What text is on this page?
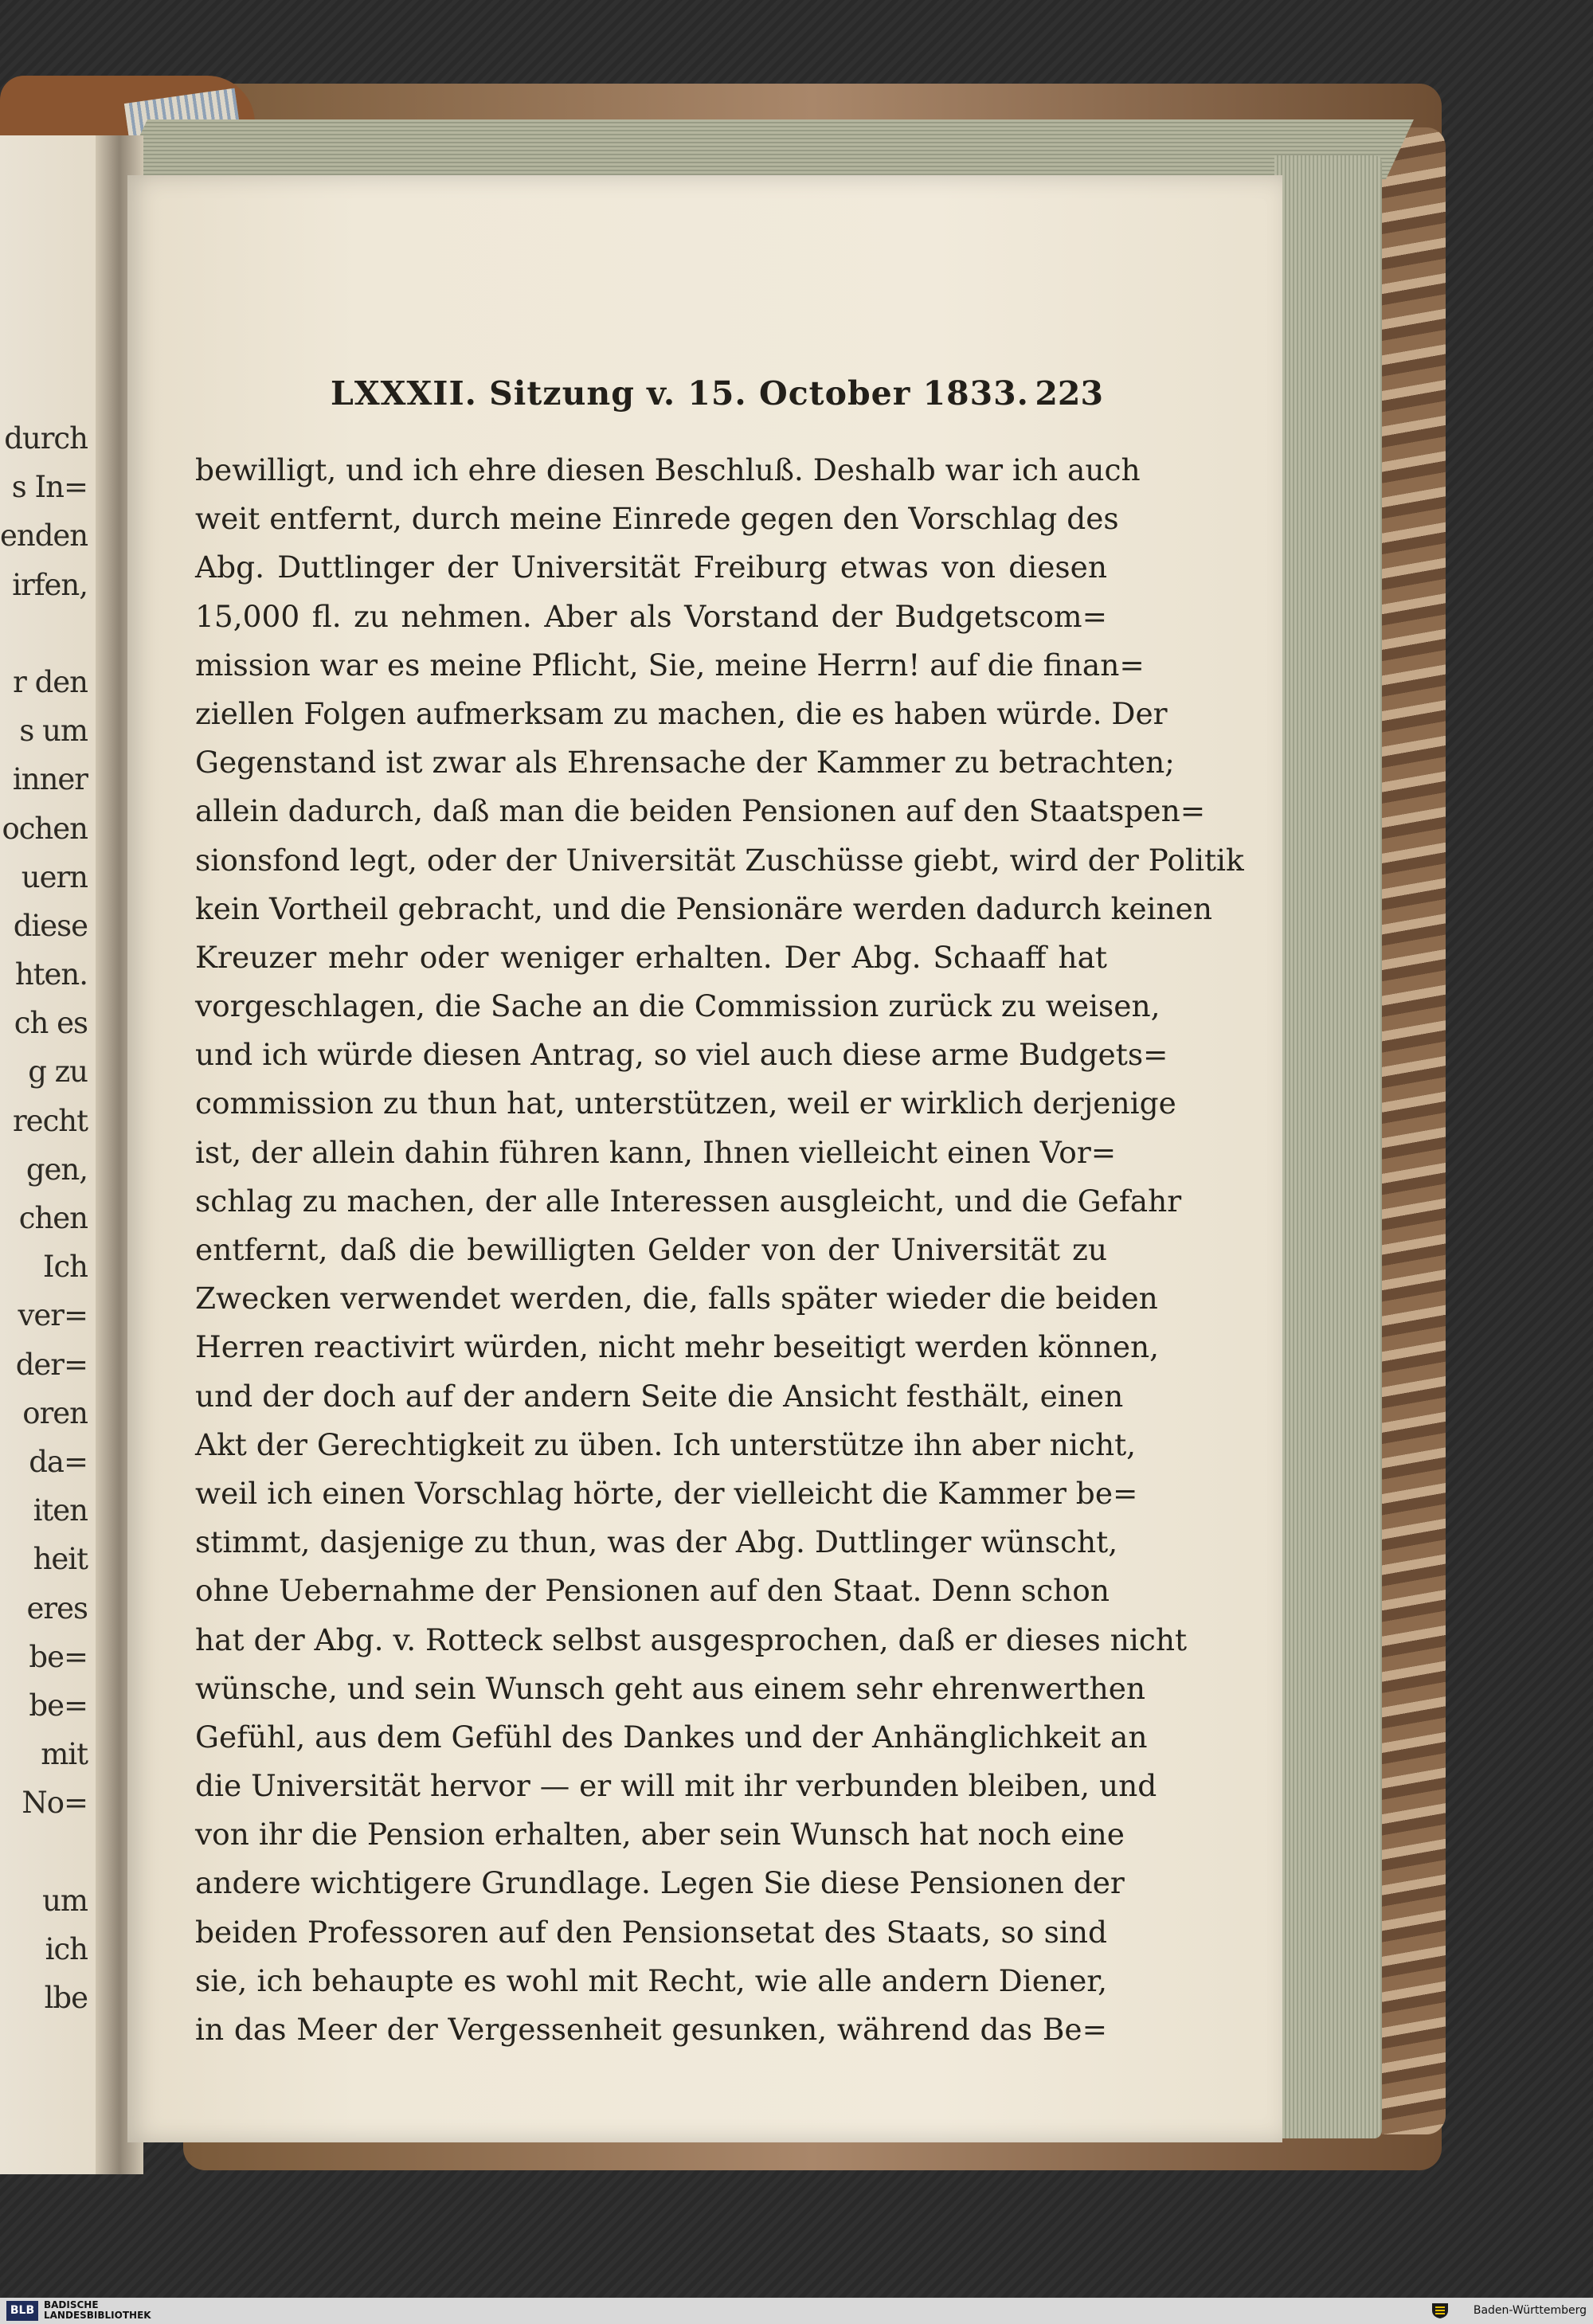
durch
s In=
enden
irfen,
r den
s um
inner
ochen
uern
diese
hten.
ch es
g zu
recht
gen,
chen
Ich
ver=
der=
oren
da=
iten
heit
eres
be=
be=
mit
No=
um
ich
lbe
LXXXII. Sitzung v. 15. October 1833. 223
bewilligt, und ich ehre diesen Beschluß. Deshalb war ich auch
weit entfernt, durch meine Einrede gegen den Vorschlag des
Abg. Duttlinger der Universität Freiburg etwas von diesen
15,000 fl. zu nehmen. Aber als Vorstand der Budgetscom=
mission war es meine Pflicht, Sie, meine Herrn! auf die finan=
ziellen Folgen aufmerksam zu machen, die es haben würde. Der
Gegenstand ist zwar als Ehrensache der Kammer zu betrachten;
allein dadurch, daß man die beiden Pensionen auf den Staatspen=
sionsfond legt, oder der Universität Zuschüsse giebt, wird der Politik
kein Vortheil gebracht, und die Pensionäre werden dadurch keinen
Kreuzer mehr oder weniger erhalten. Der Abg. Schaaff hat
vorgeschlagen, die Sache an die Commission zurück zu weisen,
und ich würde diesen Antrag, so viel auch diese arme Budgets=
commission zu thun hat, unterstützen, weil er wirklich derjenige
ist, der allein dahin führen kann, Ihnen vielleicht einen Vor=
schlag zu machen, der alle Interessen ausgleicht, und die Gefahr
entfernt, daß die bewilligten Gelder von der Universität zu
Zwecken verwendet werden, die, falls später wieder die beiden
Herren reactivirt würden, nicht mehr beseitigt werden können,
und der doch auf der andern Seite die Ansicht festhält, einen
Akt der Gerechtigkeit zu üben. Ich unterstütze ihn aber nicht,
weil ich einen Vorschlag hörte, der vielleicht die Kammer be=
stimmt, dasjenige zu thun, was der Abg. Duttlinger wünscht,
ohne Uebernahme der Pensionen auf den Staat. Denn schon
hat der Abg. v. Rotteck selbst ausgesprochen, daß er dieses nicht
wünsche, und sein Wunsch geht aus einem sehr ehrenwerthen
Gefühl, aus dem Gefühl des Dankes und der Anhänglichkeit an
die Universität hervor — er will mit ihr verbunden bleiben, und
von ihr die Pension erhalten, aber sein Wunsch hat noch eine
andere wichtigere Grundlage. Legen Sie diese Pensionen der
beiden Professoren auf den Pensionsetat des Staats, so sind
sie, ich behaupte es wohl mit Recht, wie alle andern Diener,
in das Meer der Vergessenheit gesunken, während das Be=
BLB BADISCHE
LANDESBIBLIOTHEK	Baden-Württemberg
